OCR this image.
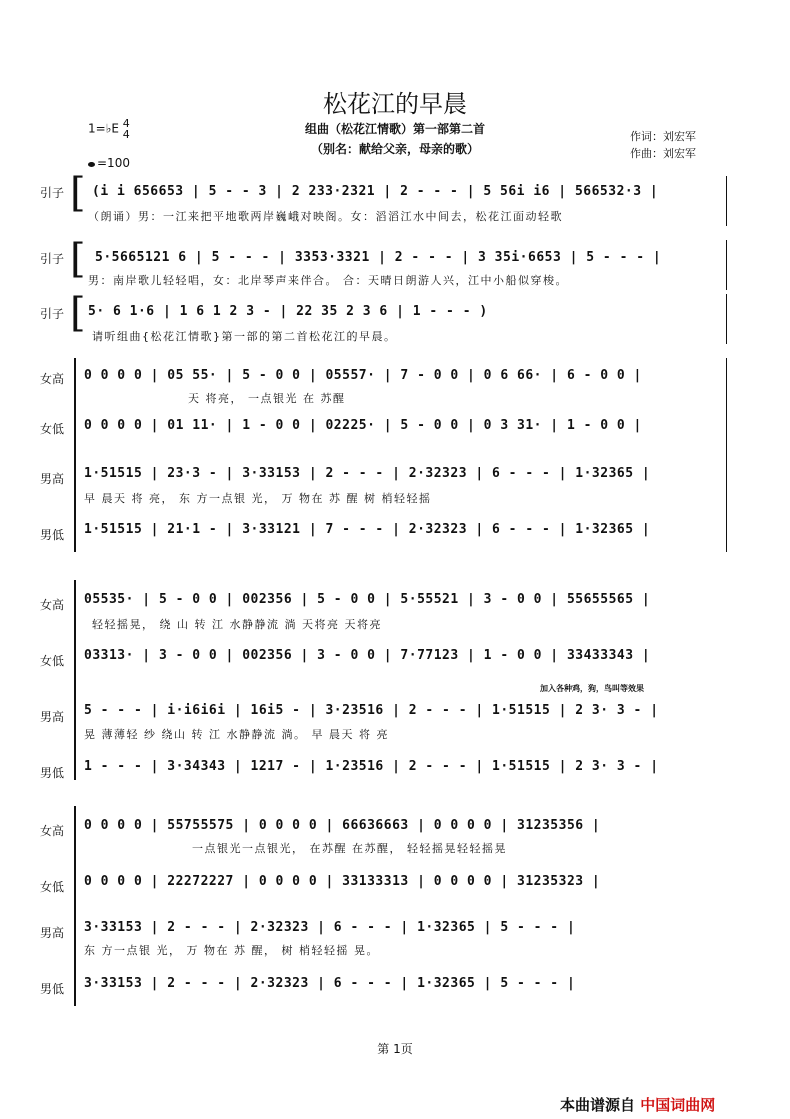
松花江的早晨
组曲（松花江情歌）第一部第二首
（别名：献给父亲，母亲的歌）
作词：刘宏军
作曲：刘宏军
1=♭E 4
4
=100
引子 [ (i i 656653 | 5 - - 3 | 2 233·2321 | 2 - - - | 5 56i i6 | 566532·3 |
（朗诵）男：一江来把平地歌两岸巍峨对映阁。女：滔滔江水中间去，松花江面动轻歌
引子 [ 5·5665121 6 | 5 - - - | 3353·3321 | 2 - - - | 3 35i·6653 | 5 - - - |
男：南岸歌儿轻轻唱，女：北岸琴声来伴合。 合：天晴日朗游人兴，江中小船似穿梭。
引子 [ 5· 6 1·6 | 1 6 1 2 3 - | 22 35 2 3 6 | 1 - - - )
请听组曲{松花江情歌}第一部的第二首松花江的早晨。
女高	0 0 0 0 | 05 55· | 5 - 0 0 | 05557· | 7 - 0 0 | 0 6 66· | 6 - 0 0 |
天 将亮， 一点银光 在 苏醒
女低	0 0 0 0 | 01 11· | 1 - 0 0 | 02225· | 5 - 0 0 | 0 3 31· | 1 - 0 0 |
男高	1·51515 | 23·3 - | 3·33153 | 2 - - - | 2·32323 | 6 - - - | 1·32365 |
早 晨天 将 亮， 东 方一点银 光， 万 物在 苏 醒 树 梢轻轻摇
男低	1·51515 | 21·1 - | 3·33121 | 7 - - - | 2·32323 | 6 - - - | 1·32365 |
女高	05535· | 5 - 0 0 | 002356 | 5 - 0 0 | 5·55521 | 3 - 0 0 | 55655565 |
轻轻摇晃， 绕 山 转 江 水静静流 淌 天将亮 天将亮
女低	03313· | 3 - 0 0 | 002356 | 3 - 0 0 | 7·77123 | 1 - 0 0 | 33433343 |
加入各种鸡，狗，鸟叫等效果
男高	5 - - - | i·i6i6i | 16i5 - | 3·23516 | 2 - - - | 1·51515 | 2 3· 3 - |
晃 薄薄轻 纱 绕山 转 江 水静静流 淌。 早 晨天 将 亮
男低	1 - - - | 3·34343 | 1217 - | 1·23516 | 2 - - - | 1·51515 | 2 3· 3 - |
女高	0 0 0 0 | 55755575 | 0 0 0 0 | 66636663 | 0 0 0 0 | 31235356 |
一点银光一点银光， 在苏醒 在苏醒， 轻轻摇晃轻轻摇晃
女低	0 0 0 0 | 22272227 | 0 0 0 0 | 33133313 | 0 0 0 0 | 31235323 |
男高	3·33153 | 2 - - - | 2·32323 | 6 - - - | 1·32365 | 5 - - - |
东 方一点银 光， 万 物在 苏 醒， 树 梢轻轻摇 晃。
男低	3·33153 | 2 - - - | 2·32323 | 6 - - - | 1·32365 | 5 - - - |
第 1页
本曲谱源自 中国词曲网
